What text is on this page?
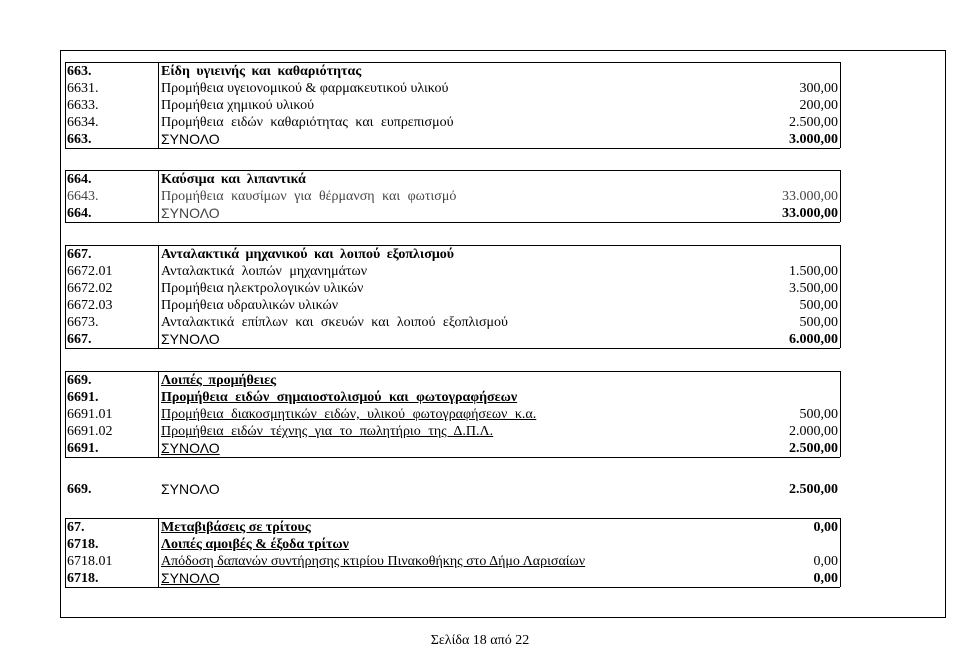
663.	Είδη υγιεινής και καθαριότητας
6631.	Προμήθεια υγειονομικού & φαρμακευτικού υλικού	300,00
6633.	Προμήθεια χημικού υλικού	200,00
6634.	Προμήθεια ειδών καθαριότητας και ευπρεπισμού	2.500,00
663.	ΣΥΝΟΛΟ	3.000,00
664.	Καύσιμα και λιπαντικά
6643.	Προμήθεια καυσίμων για θέρμανση και φωτισμό	33.000,00
664.	ΣΥΝΟΛΟ	33.000,00
667.	Ανταλακτικά μηχανικού και λοιπού εξοπλισμού
6672.01	Ανταλακτικά λοιπών μηχανημάτων	1.500,00
6672.02	Προμήθεια ηλεκτρολογικών υλικών	3.500,00
6672.03	Προμήθεια υδραυλικών υλικών	500,00
6673.	Ανταλακτικά επίπλων και σκευών και λοιπού εξοπλισμού	500,00
667.	ΣΥΝΟΛΟ	6.000,00
669.	Λοιπές προμήθειες
6691.	Προμήθεια ειδών σημαιοστολισμού και φωτογραφήσεων
6691.01	Προμήθεια διακοσμητικών ειδών, υλικού φωτογραφήσεων κ.α.	500,00
6691.02	Προμήθεια ειδών τέχνης για το πωλητήριο της Δ.Π.Λ.	2.000,00
6691.	ΣΥΝΟΛΟ	2.500,00
669.	ΣΥΝΟΛΟ	2.500,00
67.	Μεταβιβάσεις σε τρίτους	0,00
6718.	Λοιπές αμοιβές & έξοδα τρίτων
6718.01	Απόδοση δαπανών συντήρησης κτιρίου Πινακοθήκης στο Δήμο Λαρισαίων	0,00
6718.	ΣΥΝΟΛΟ	0,00
Σελίδα 18 από 22
